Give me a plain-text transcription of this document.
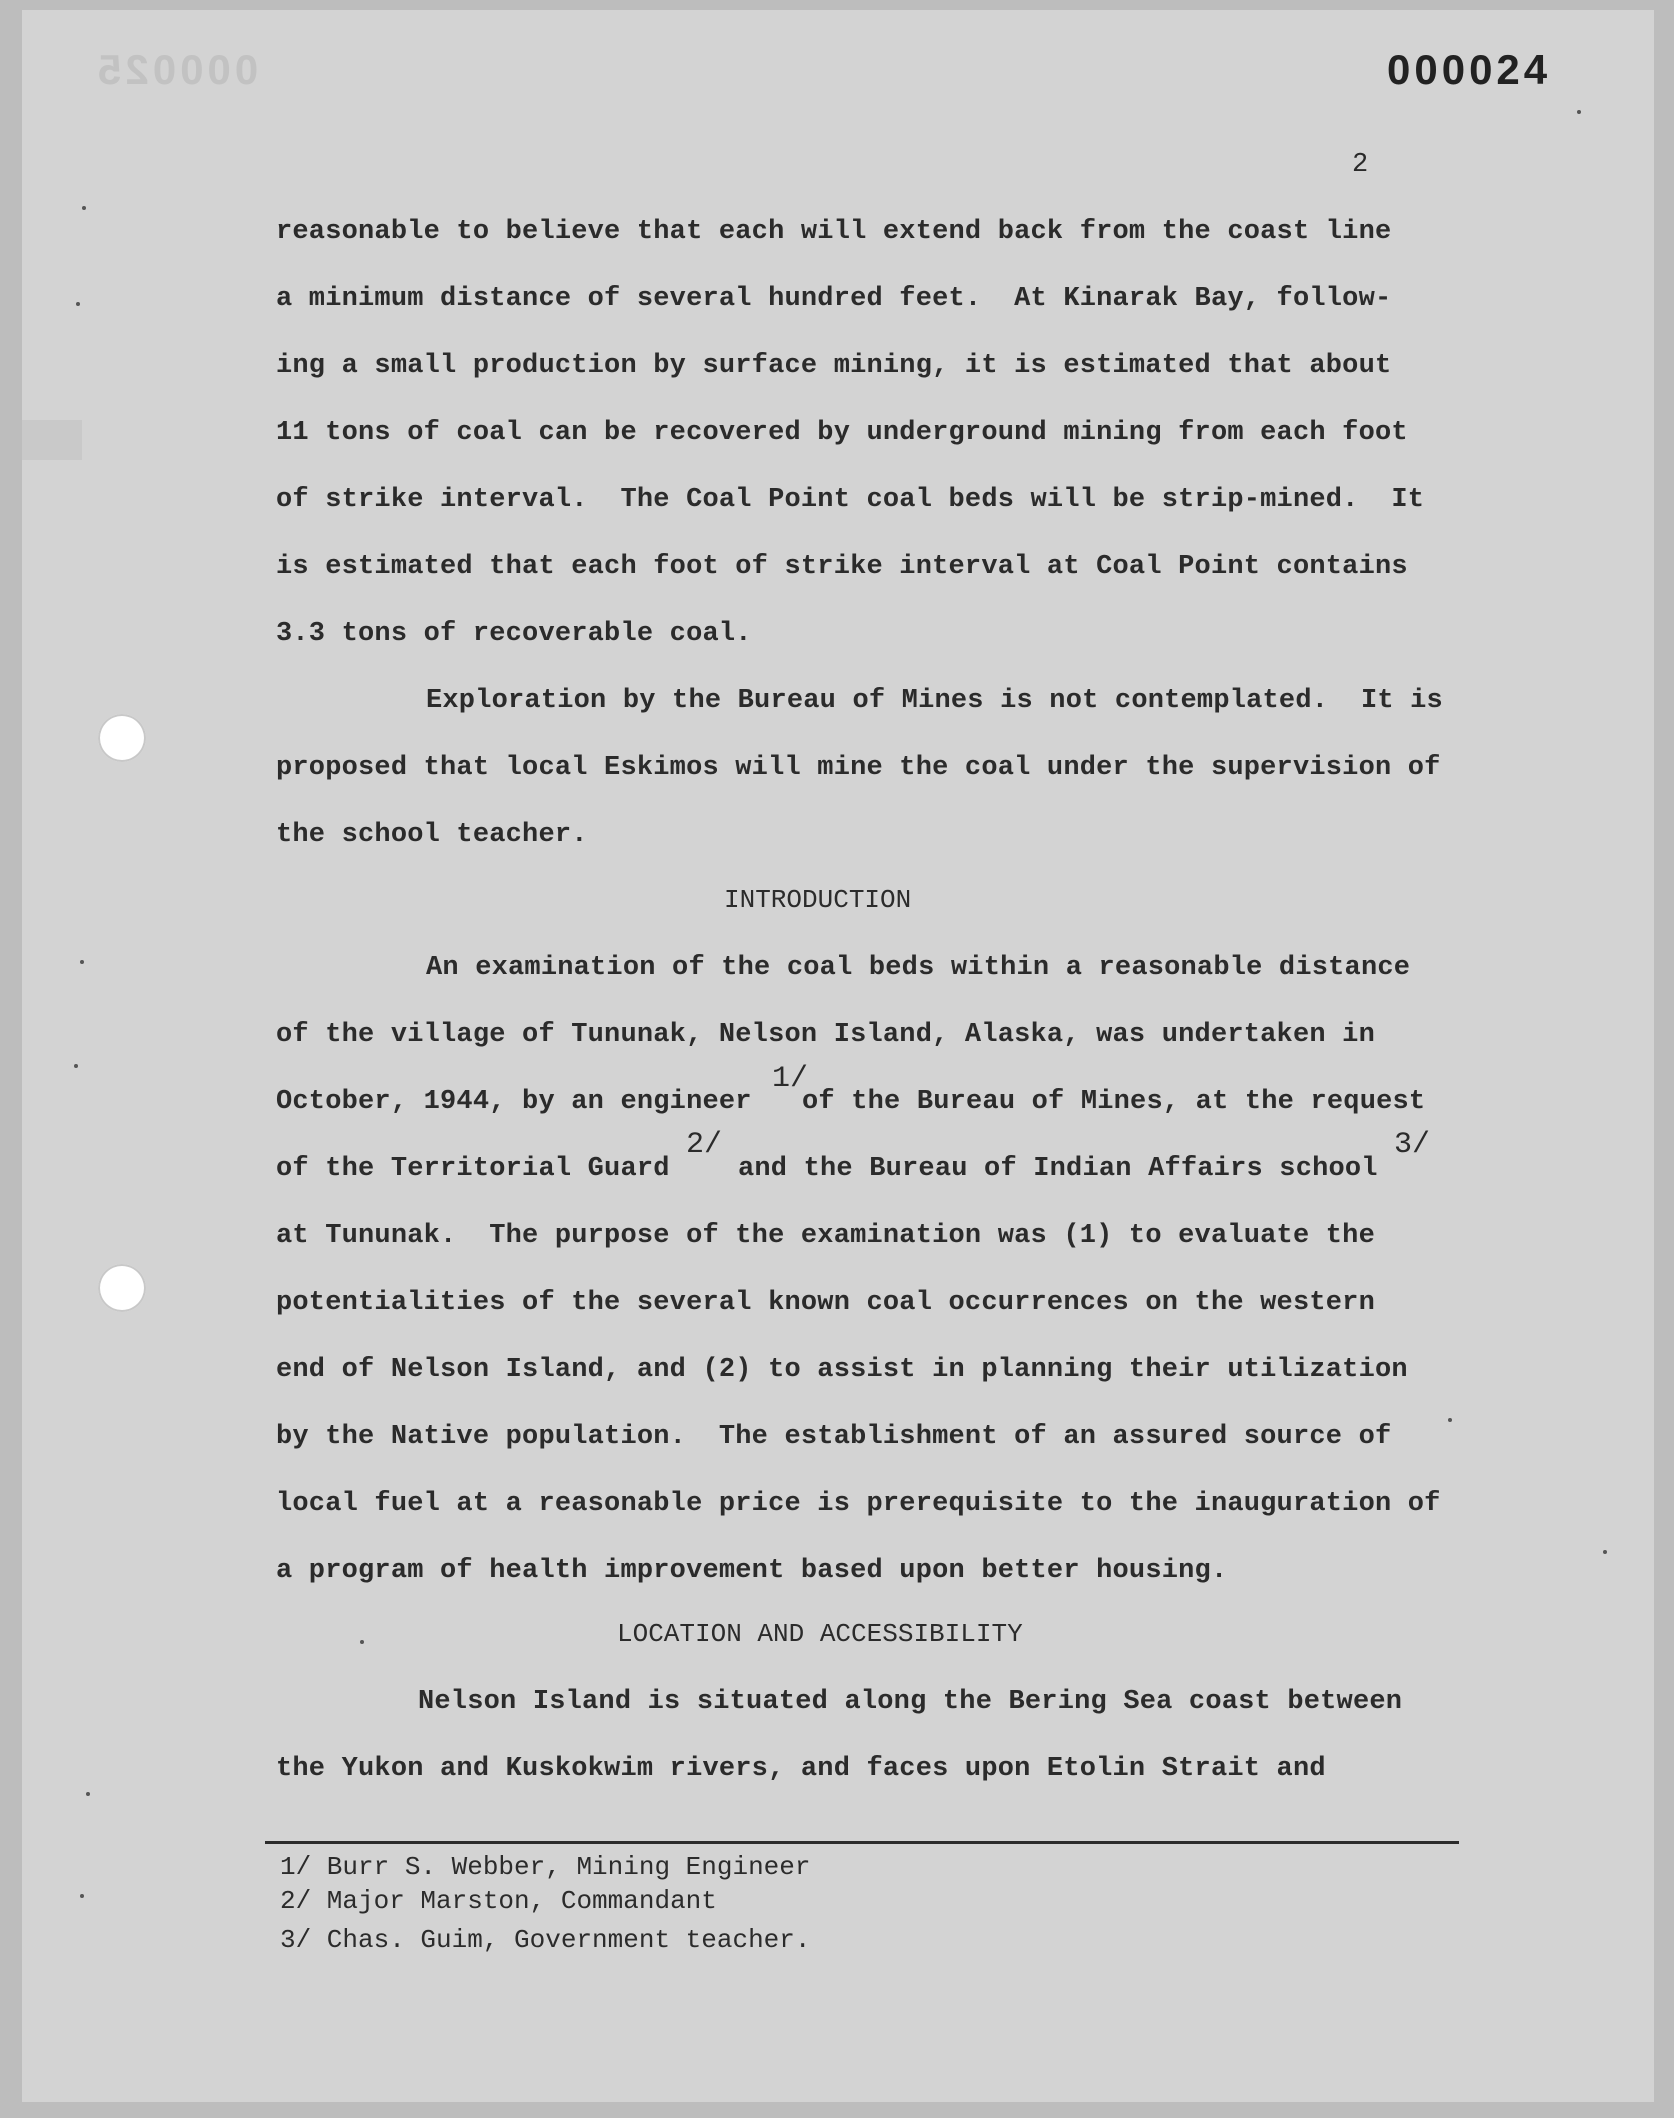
000025	000024
2
reasonable to believe that each will extend back from the coast line
a minimum distance of several hundred feet.  At Kinarak Bay, follow-
ing a small production by surface mining, it is estimated that about
11 tons of coal can be recovered by underground mining from each foot
of strike interval.  The Coal Point coal beds will be strip-mined.  It
is estimated that each foot of strike interval at Coal Point contains
3.3 tons of recoverable coal.
Exploration by the Bureau of Mines is not contemplated.  It is
proposed that local Eskimos will mine the coal under the supervision of
the school teacher.
INTRODUCTION
An examination of the coal beds within a reasonable distance
of the village of Tununak, Nelson Island, Alaska, was undertaken in
October, 1944, by an engineer
1/
of the Bureau of Mines, at the request
of the Territorial Guard
2/
and the Bureau of Indian Affairs school
3/
at Tununak.  The purpose of the examination was (1) to evaluate the
potentialities of the several known coal occurrences on the western
end of Nelson Island, and (2) to assist in planning their utilization
by the Native population.  The establishment of an assured source of
local fuel at a reasonable price is prerequisite to the inauguration of
a program of health improvement based upon better housing.
LOCATION AND ACCESSIBILITY
Nelson Island is situated along the Bering Sea coast between
the Yukon and Kuskokwim rivers, and faces upon Etolin Strait and
1/ Burr S. Webber, Mining Engineer
2/ Major Marston, Commandant
3/ Chas. Guim, Government teacher.
